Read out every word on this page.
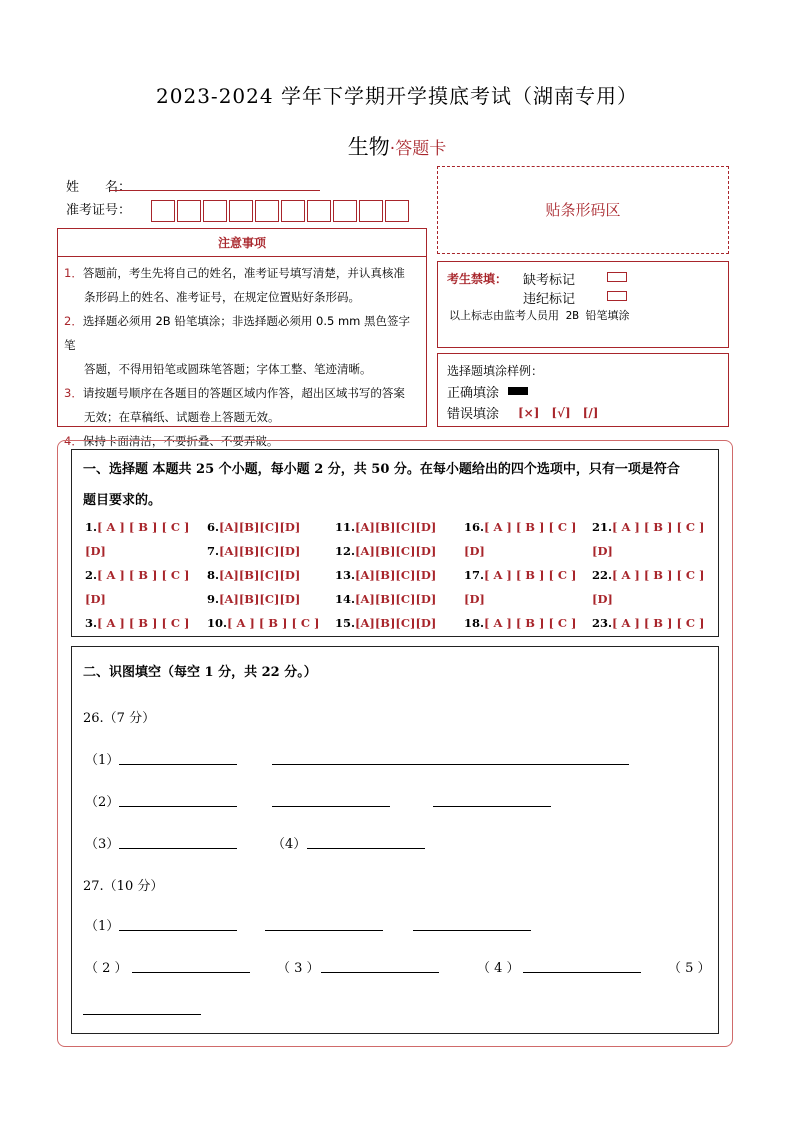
2023-2024 学年下学期开学摸底考试（湖南专用）
生物·答题卡
姓　　名：
准考证号：	贴条形码区
注意事项
1．答题前，考生先将自己的姓名，准考证号填写清楚，并认真核准
条形码上的姓名、准考证号，在规定位置贴好条形码。
2．选择题必须用 2B 铅笔填涂；非选择题必须用 0.5 mm 黑色签字笔
答题，不得用铅笔或圆珠笔答题；字体工整、笔迹清晰。
3．请按题号顺序在各题目的答题区域内作答，超出区域书写的答案
无效；在草稿纸、试题卷上答题无效。
4．保持卡面清洁，不要折叠、不要弄破。
考生禁填： 缺考标记
违纪标记
以上标志由监考人员用 2B 铅笔填涂
选择题填涂样例：
正确填涂
错误填涂 [×]　[√]　[/]
一、选择题 本题共 25 个小题，每小题 2 分，共 50 分。在每小题给出的四个选项中，只有一项是符合
题目要求的。
1.[ A ] [ B ] [ C ] 6.[A][B][C][D]	11.[A][B][C][D] 16.[ A ] [ B ] [ C ] 21.[ A ] [ B ] [ C ]
[D]	7.[A][B][C][D]	12.[A][B][C][D] [D]	[D]
2.[ A ] [ B ] [ C ] 8.[A][B][C][D]	13.[A][B][C][D] 17.[ A ] [ B ] [ C ] 22.[ A ] [ B ] [ C ]
[D]	9.[A][B][C][D]	14.[A][B][C][D] [D]	[D]
3.[ A ] [ B ] [ C ] 10.[ A ] [ B ] [ C ] 15.[A][B][C][D] 18.[ A ] [ B ] [ C ] 23.[ A ] [ B ] [ C ]
二、识图填空（每空 1 分，共 22 分。）
26.（7 分）
（1）
（2）
（3）	（4）
27.（10 分）
（1）
（ 2 ）	（ 3 ）	（ 4 ）	（ 5 ）
